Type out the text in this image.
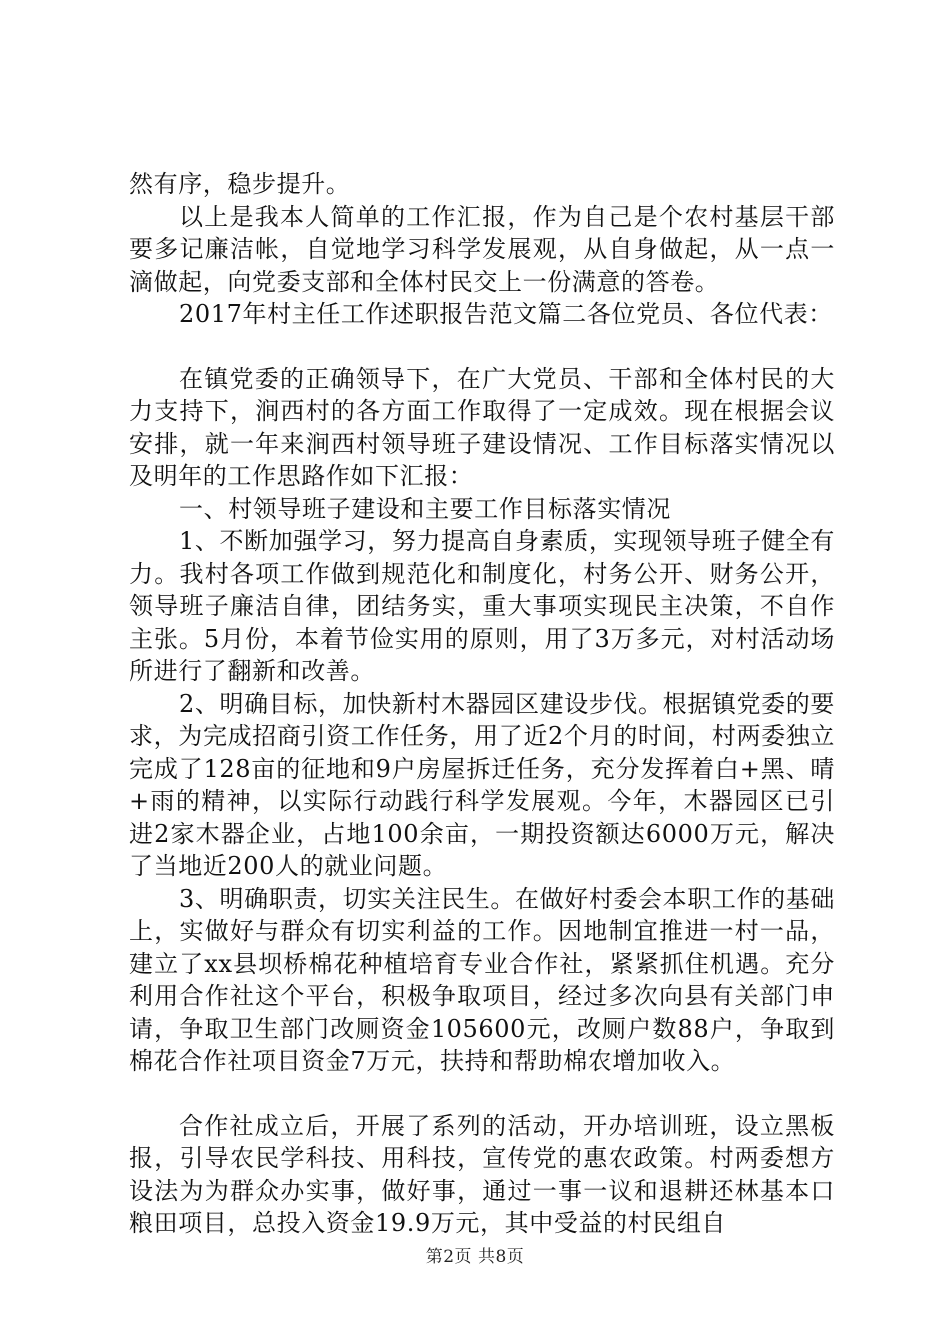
然有序，稳步提升。

以上是我本人简单的工作汇报，作为自己是个农村基层干部要多记廉洁帐，自觉地学习科学发展观，从自身做起，从一点一滴做起，向党委支部和全体村民交上一份满意的答卷。

2017年村主任工作述职报告范文篇二各位党员、各位代表：

在镇党委的正确领导下，在广大党员、干部和全体村民的大力支持下，涧西村的各方面工作取得了一定成效。现在根据会议安排，就一年来涧西村领导班子建设情况、工作目标落实情况以及明年的工作思路作如下汇报：

一、村领导班子建设和主要工作目标落实情况

1、不断加强学习，努力提高自身素质，实现领导班子健全有力。我村各项工作做到规范化和制度化，村务公开、财务公开，领导班子廉洁自律，团结务实，重大事项实现民主决策，不自作主张。5月份，本着节俭实用的原则，用了3万多元，对村活动场所进行了翻新和改善。

2、明确目标，加快新村木器园区建设步伐。根据镇党委的要求，为完成招商引资工作任务，用了近2个月的时间，村两委独立完成了128亩的征地和9户房屋拆迁任务，充分发挥着白+黑、晴+雨的精神，以实际行动践行科学发展观。今年，木器园区已引进2家木器企业，占地100余亩，一期投资额达6000万元，解决了当地近200人的就业问题。

3、明确职责，切实关注民生。在做好村委会本职工作的基础上，实做好与群众有切实利益的工作。因地制宜推进一村一品，建立了xx县坝桥棉花种植培育专业合作社，紧紧抓住机遇。充分利用合作社这个平台，积极争取项目，经过多次向县有关部门申请，争取卫生部门改厕资金105600元，改厕户数88户，争取到棉花合作社项目资金7万元，扶持和帮助棉农增加收入。

合作社成立后，开展了系列的活动，开办培训班，设立黑板报，引导农民学科技、用科技，宣传党的惠农政策。村两委想方设法为为群众办实事，做好事，通过一事一议和退耕还林基本口粮田项目，总投入资金19.9万元，其中受益的村民组自

第2页 共8页
